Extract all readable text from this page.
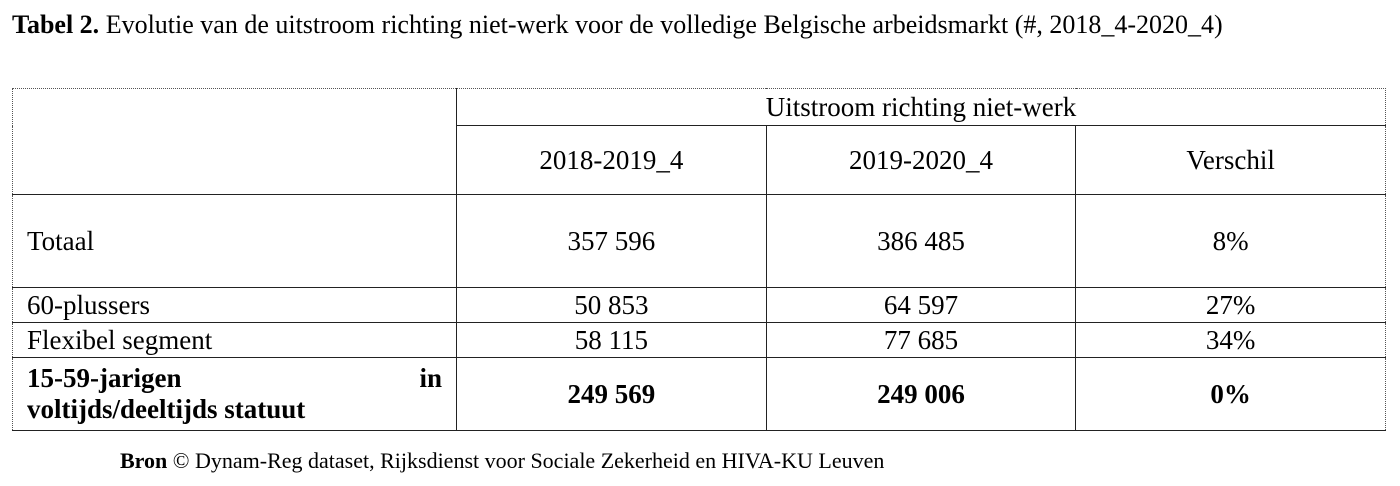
Tabel 2. Evolutie van de uitstroom richting niet-werk voor de volledige Belgische arbeidsmarkt (#, 2018_4-2020_4)
	Uitstroom richting niet-werk		
	2018-2019_4	2019-2020_4	Verschil
Totaal	357 596	386 485	8%
60-plussers	50 853	64 597	27%
Flexibel segment	58 115	77 685	34%

15-59-jarigen in
voltijds/deeltijds statuut	249 569	249 006	0%
Bron © Dynam-Reg dataset, Rijksdienst voor Sociale Zekerheid en HIVA-KU Leuven
